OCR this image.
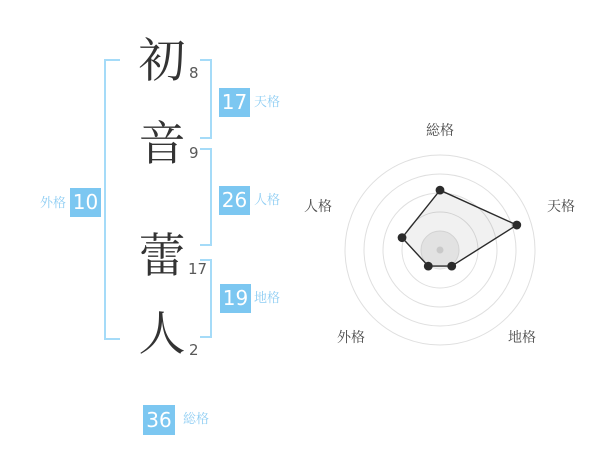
初
音
蕾
人
8
9
17
2
17 天格
26 人格
19 地格
外格 10
36 総格
総格
天格
地格
外格
人格
